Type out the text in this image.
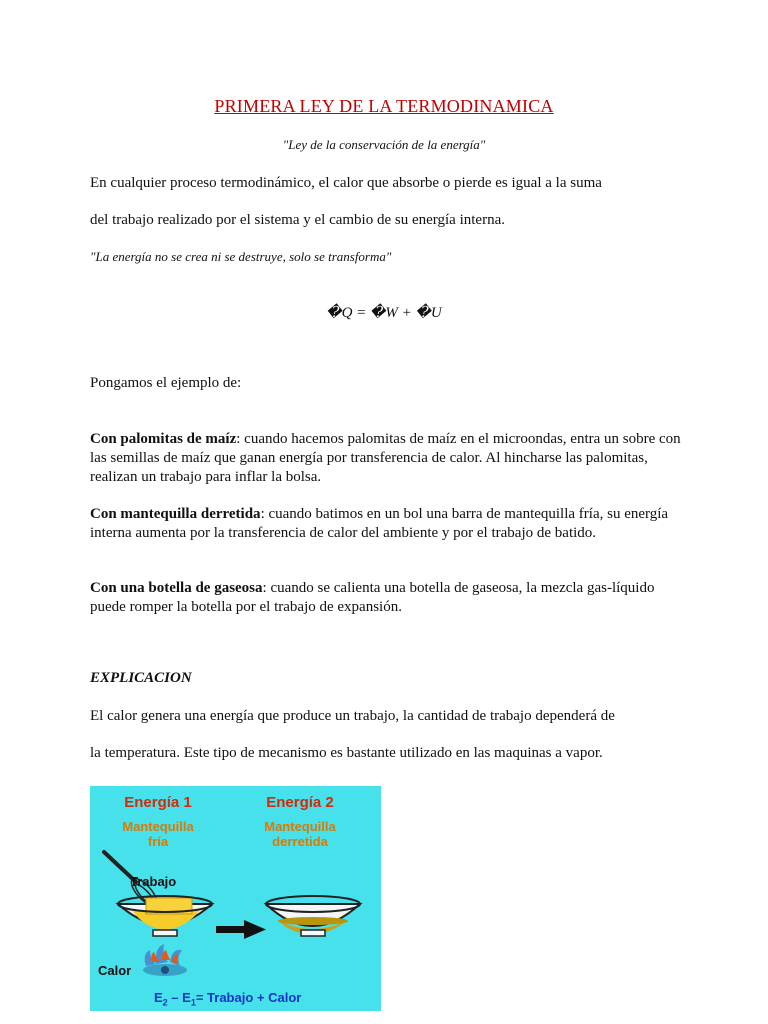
PRIMERA LEY DE LA TERMODINAMICA
"Ley de la conservación de la energía"
En cualquier proceso termodinámico, el calor que absorbe o pierde es igual a la suma
del trabajo realizado por el sistema y el cambio de su energía interna.
"La energía no se crea ni se destruye, solo se transforma"
�Q = �W + �U
Pongamos el ejemplo de:
Con palomitas de maíz: cuando hacemos palomitas de maíz en el microondas, entra un sobre con las semillas de maíz que ganan energía por transferencia de calor. Al hincharse las palomitas, realizan un trabajo para inflar la bolsa.
Con mantequilla derretida: cuando batimos en un bol una barra de mantequilla fría, su energía interna aumenta por la transferencia de calor del ambiente y por el trabajo de batido.
Con una botella de gaseosa: cuando se calienta una botella de gaseosa, la mezcla gas-líquido puede romper la botella por el trabajo de expansión.
EXPLICACION
El calor genera una energía que produce un trabajo, la cantidad de trabajo dependerá de
la temperatura. Este tipo de mecanismo es bastante utilizado en las maquinas a vapor.
Energía 1
Mantequilla
fría
Energía 2
Mantequilla
derretida
Trabajo
Calor
$E_2 - E_1=$ Trabajo + Calor
